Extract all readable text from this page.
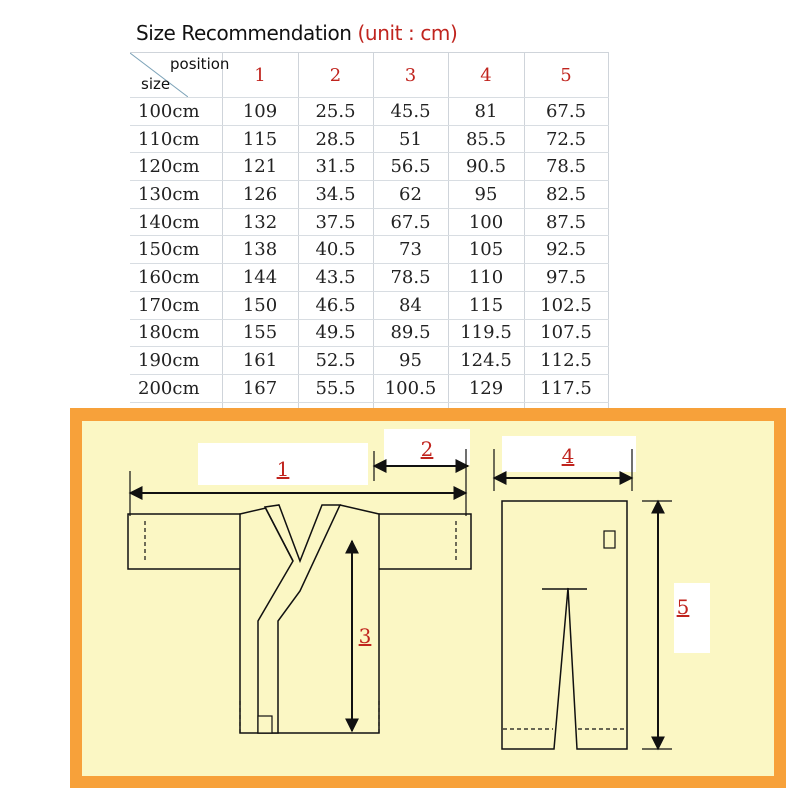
Size Recommendation (unit : cm)
position
size	1	2	3	4	5
100cm	109	25.5	45.5	81	67.5
110cm	115	28.5	51	85.5	72.5
120cm	121	31.5	56.5	90.5	78.5
130cm	126	34.5	62	95	82.5
140cm	132	37.5	67.5	100	87.5
150cm	138	40.5	73	105	92.5
160cm	144	43.5	78.5	110	97.5
170cm	150	46.5	84	115	102.5
180cm	155	49.5	89.5	119.5	107.5
190cm	161	52.5	95	124.5	112.5
200cm	167	55.5	100.5	129	117.5

1
2
3
4
5
